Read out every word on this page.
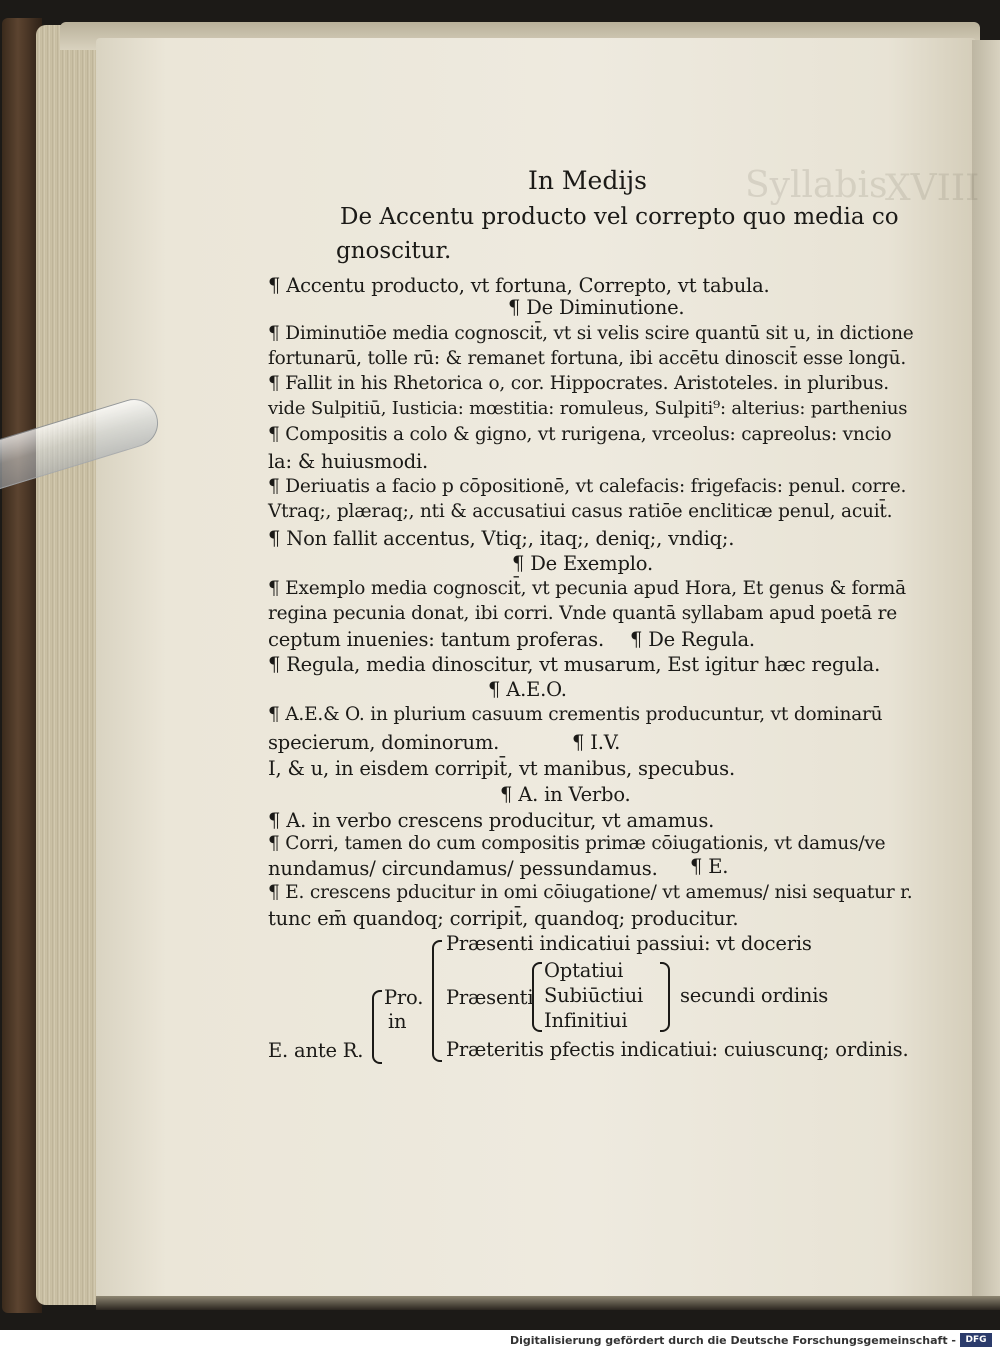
Syllabis
XVIII
In Medijs
De Accentu producto vel correpto quo media co
gnoscitur.
¶ Accentu producto, vt fortuna, Correpto, vt tabula.
¶ De Diminutione.
¶ Diminutiōe media cognoscit̄, vt si velis scire quantū sit u, in dictione
fortunarū, tolle rū: & remanet fortuna, ibi accētu dinoscit̄ esse longū.
¶ Fallit in his Rhetorica o, cor. Hippocrates. Aristoteles. in pluribus.
vide Sulpitiū, Iusticia: mœstitia: romuleus, Sulpiti⁹: alterius: parthenius
¶ Compositis a colo & gigno, vt rurigena, vrceolus: capreolus: vncio
la: & huiusmodi.
¶ Deriuatis a facio p cōpositionē, vt calefacis: frigefacis: penul. corre.
Vtraq;, plæraq;, nti & accusatiui casus ratiōe encliticæ penul, acuit̄.
¶ Non fallit accentus, Vtiq;, itaq;, deniq;, vndiq;.
¶ De Exemplo.
¶ Exemplo media cognoscit̄, vt pecunia apud Hora, Et genus & formā
regina pecunia donat, ibi corri. Vnde quantā syllabam apud poetā re
ceptum inuenies: tantum proferas. ¶ De Regula.
¶ Regula, media dinoscitur, vt musarum, Est igitur hæc regula.
¶ A.E.O.
¶ A.E.& O. in plurium casuum crementis producuntur, vt dominarū
specierum, dominorum.	¶ I.V.
I, & u, in eisdem corripit̄, vt manibus, specubus.
¶ A. in Verbo.
¶ A. in verbo crescens producitur, vt amamus.
¶ Corri, tamen do cum compositis primæ cōiugationis, vt damus/ve
nundamus/ circundamus/ pessundamus. ¶ E.
¶ E. crescens pducitur in omi cōiugatione/ vt amemus/ nisi sequatur r.
tunc em̄ quandoq; corripit̄, quandoq; producitur.
E. ante R.
Pro.
in
Præsenti indicatiui passiui: vt doceris
Præsenti
Optatiui
Subiūctiui
Infinitiui
secundi ordinis
Præteritis pfectis indicatiui: cuiuscunq; ordinis.
Digitalisierung gefördert durch die Deutsche Forschungsgemeinschaft -	DFG
